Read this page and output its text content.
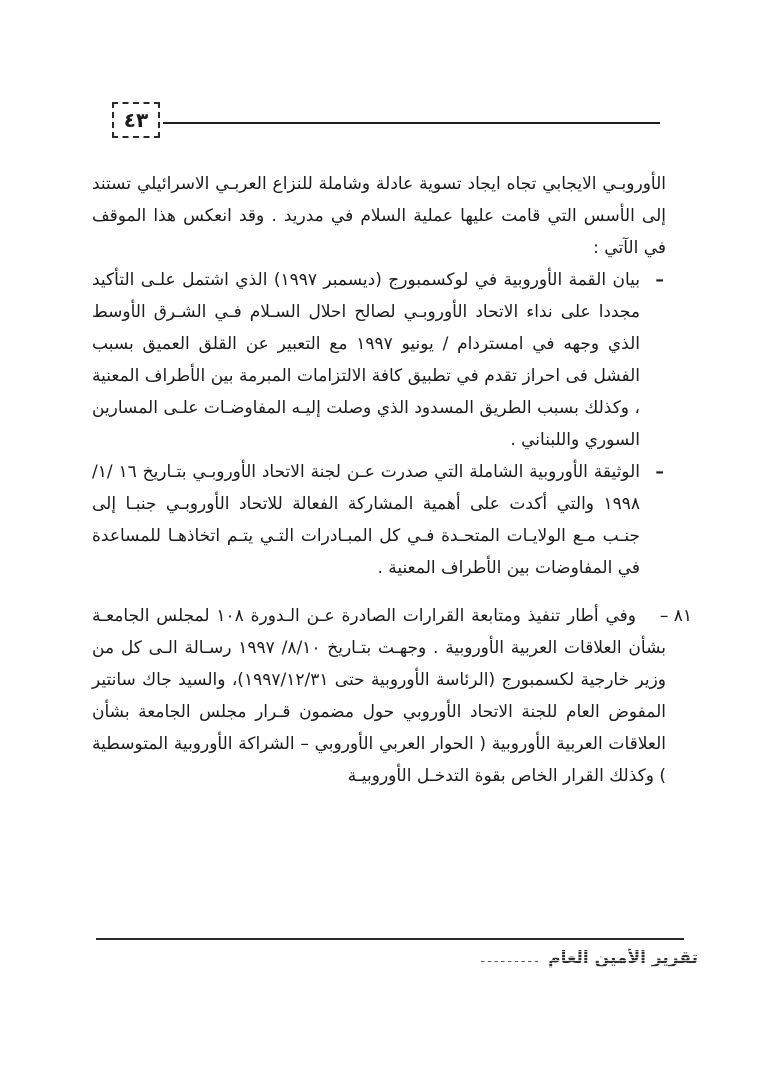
٤٣

الأوروبـي الايجابي تجاه ايجاد تسوية عادلة وشاملة للنزاع العربـي الاسرائيلي تستند إلى الأسس التي قامت عليها عملية السلام في مدريد . وقد انعكس هذا الموقف في الآتي :

–
بيان القمة الأوروبية في لوكسمبورج (ديسمبر ١٩٩٧) الذي اشتمل علـى التأكيد مجددا على نداء الاتحاد الأوروبـي لصالح احلال السـلام فـي الشـرق الأوسط الذي وجهه في امستردام / يونيو ١٩٩٧ مع التعبير عن القلق العميق بسبب الفشل فى احراز تقدم في تطبيق كافة الالتزامات المبرمة بين الأطراف المعنية ، وكذلك بسبب الطريق المسدود الذي وصلت إليـه المفاوضـات علـى المسارين السوري واللبناني .
–
الوثيقة الأوروبية الشاملة التي صدرت عـن لجنة الاتحاد الأوروبـي بتـاريخ ١٦ /١/ ١٩٩٨ والتي أكدت على أهمية المشاركة الفعالة للاتحاد الأوروبـي جنبـا إلى جنـب مـع الولايـات المتحـدة فـي كل المبـادرات التـي يتـم اتخاذهـا للمساعدة في المفاوضات بين الأطراف المعنية .
٨١ –
وفي أطار تنفيذ ومتابعة القرارات الصادرة عـن الـدورة ١٠٨ لمجلس الجامعـة بشأن العلاقات العربية الأوروبية . وجهـت بتـاريخ ٨/١٠/ ١٩٩٧ رسـالة الـى كل من وزير خارجية لكسمبورج (الرئاسة الأوروبية حتى ١٩٩٧/١٢/٣١)، والسيد جاك سانتير المفوض العام للجنة الاتحاد الأوروبي حول مضمون قـرار مجلس الجامعة بشأن العلاقات العربية الأوروبية ( الحوار العربي الأوروبي – الشراكة الأوروبية المتوسطية ) وكذلك القرار الخاص بقوة التدخـل الأوروبيـة
ـ ـ ـ ـ ـ ـ ـ ـ ـ تقرير الأمين العام
